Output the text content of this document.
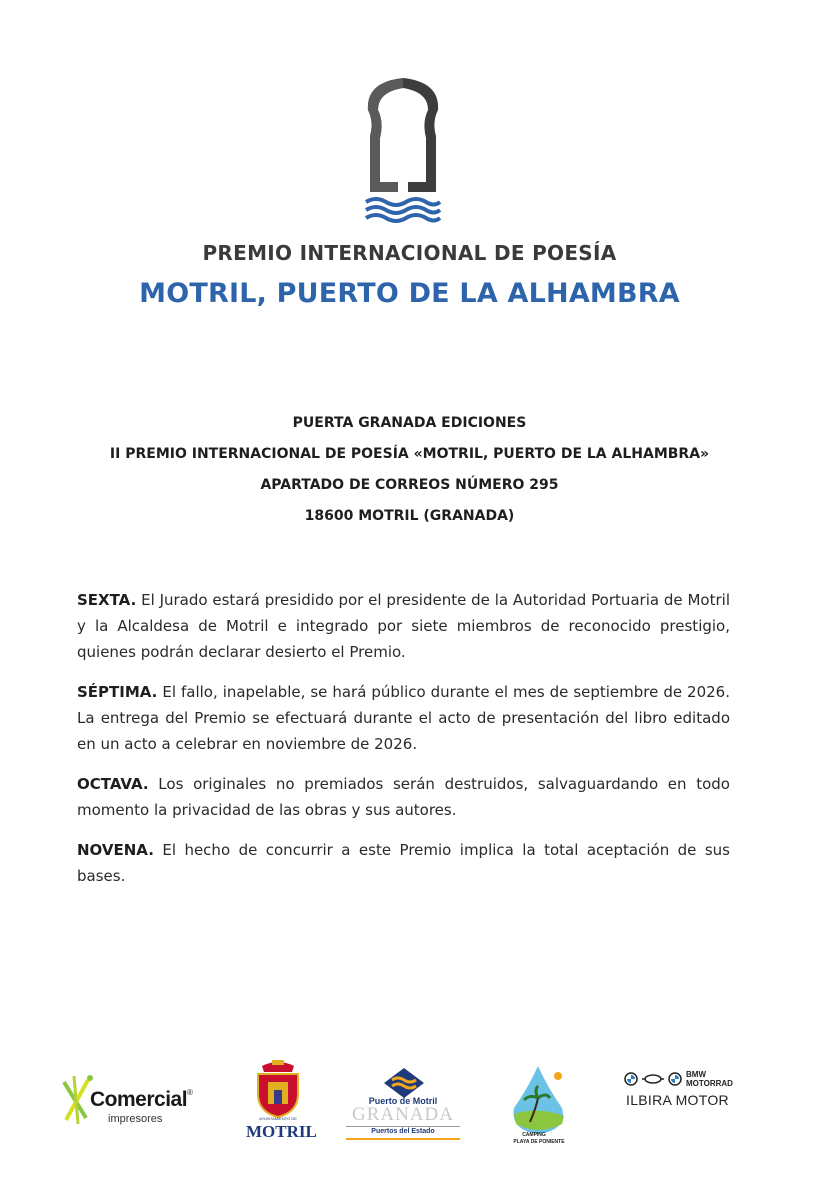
PREMIO INTERNACIONAL DE POESÍA
MOTRIL, PUERTO DE LA ALHAMBRA
PUERTA GRANADA EDICIONES
II PREMIO INTERNACIONAL DE POESÍA «MOTRIL, PUERTO DE LA ALHAMBRA»
APARTADO DE CORREOS NÚMERO 295
18600 MOTRIL (GRANADA)

SEXTA. El Jurado estará presidido por el presidente de la Autoridad Portuaria de Motril y la Alcaldesa de Motril e integrado por siete miembros de reconocido prestigio, quienes podrán declarar desierto el Premio.

SÉPTIMA. El fallo, inapelable, se hará público durante el mes de septiembre de 2026. La entrega del Premio se efectuará durante el acto de presentación del libro editado en un acto a celebrar en noviembre de 2026.

OCTAVA. Los originales no premiados serán destruidos, salvaguardando en todo momento la privacidad de las obras y sus autores.

NOVENA. El hecho de concurrir a este Premio implica la total aceptación de sus bases.

Comercial®
impresores	AYUNTAMIENTO DE
MOTRIL
Puerto de Motril
GRANADA
Puertos del Estado	CAMPING
PLAYA DE PONIENTE
BMW
MOTORRAD
ILBIRA MOTOR
